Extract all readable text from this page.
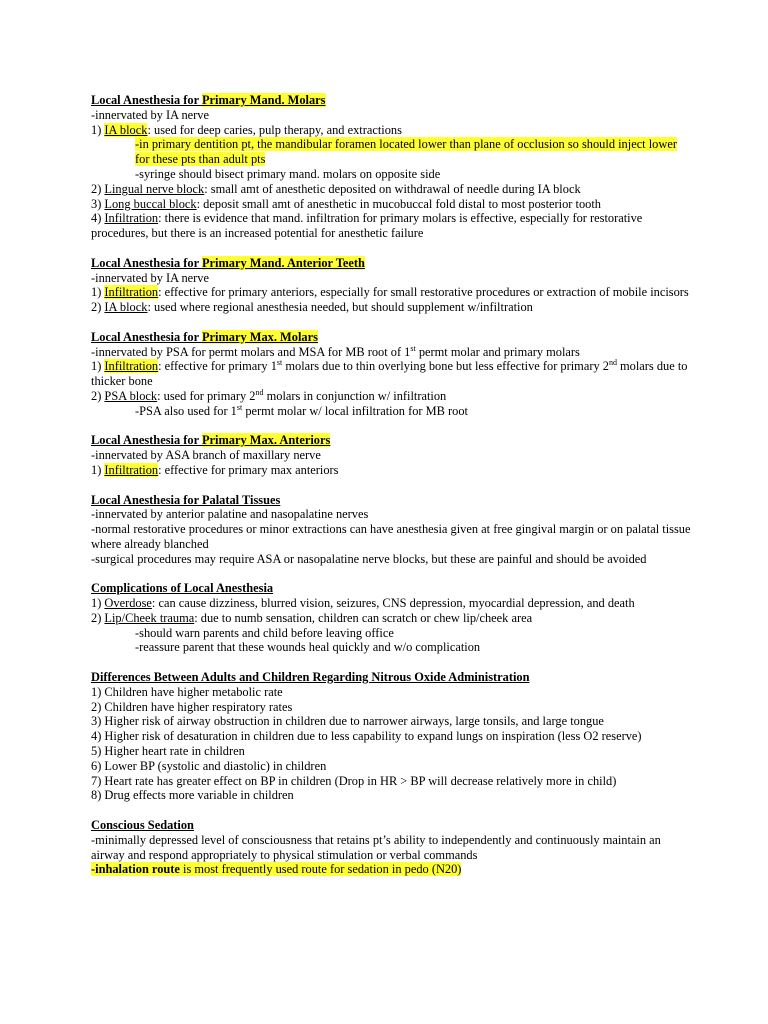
Local Anesthesia for Primary Mand. Molars
-innervated by IA nerve
1) IA block: used for deep caries, pulp therapy, and extractions
-in primary dentition pt, the mandibular foramen located lower than plane of occlusion so should inject lower for these pts than adult pts
-syringe should bisect primary mand. molars on opposite side
2) Lingual nerve block: small amt of anesthetic deposited on withdrawal of needle during IA block
3) Long buccal block: deposit small amt of anesthetic in mucobuccal fold distal to most posterior tooth
4) Infiltration: there is evidence that mand. infiltration for primary molars is effective, especially for restorative procedures, but there is an increased potential for anesthetic failure
Local Anesthesia for Primary Mand. Anterior Teeth
-innervated by IA nerve
1) Infiltration: effective for primary anteriors, especially for small restorative procedures or extraction of mobile incisors
2) IA block: used where regional anesthesia needed, but should supplement w/infiltration
Local Anesthesia for Primary Max. Molars
-innervated by PSA for permt molars and MSA for MB root of 1st permt molar and primary molars
1) Infiltration: effective for primary 1st molars due to thin overlying bone but less effective for primary 2nd molars due to thicker bone
2) PSA block: used for primary 2nd molars in conjunction w/ infiltration
-PSA also used for 1st permt molar w/ local infiltration for MB root
Local Anesthesia for Primary Max. Anteriors
-innervated by ASA branch of maxillary nerve
1) Infiltration: effective for primary max anteriors
Local Anesthesia for Palatal Tissues
-innervated by anterior palatine and nasopalatine nerves
-normal restorative procedures or minor extractions can have anesthesia given at free gingival margin or on palatal tissue where already blanched
-surgical procedures may require ASA or nasopalatine nerve blocks, but these are painful and should be avoided
Complications of Local Anesthesia
1) Overdose: can cause dizziness, blurred vision, seizures, CNS depression, myocardial depression, and death
2) Lip/Cheek trauma: due to numb sensation, children can scratch or chew lip/cheek area
-should warn parents and child before leaving office
-reassure parent that these wounds heal quickly and w/o complication
Differences Between Adults and Children Regarding Nitrous Oxide Administration
1) Children have higher metabolic rate
2) Children have higher respiratory rates
3) Higher risk of airway obstruction in children due to narrower airways, large tonsils, and large tongue
4) Higher risk of desaturation in children due to less capability to expand lungs on inspiration (less O2 reserve)
5) Higher heart rate in children
6) Lower BP (systolic and diastolic) in children
7) Heart rate has greater effect on BP in children (Drop in HR > BP will decrease relatively more in child)
8) Drug effects more variable in children
Conscious Sedation
-minimally depressed level of consciousness that retains pt’s ability to independently and continuously maintain an airway and respond appropriately to physical stimulation or verbal commands
-inhalation route is most frequently used route for sedation in pedo (N20)
